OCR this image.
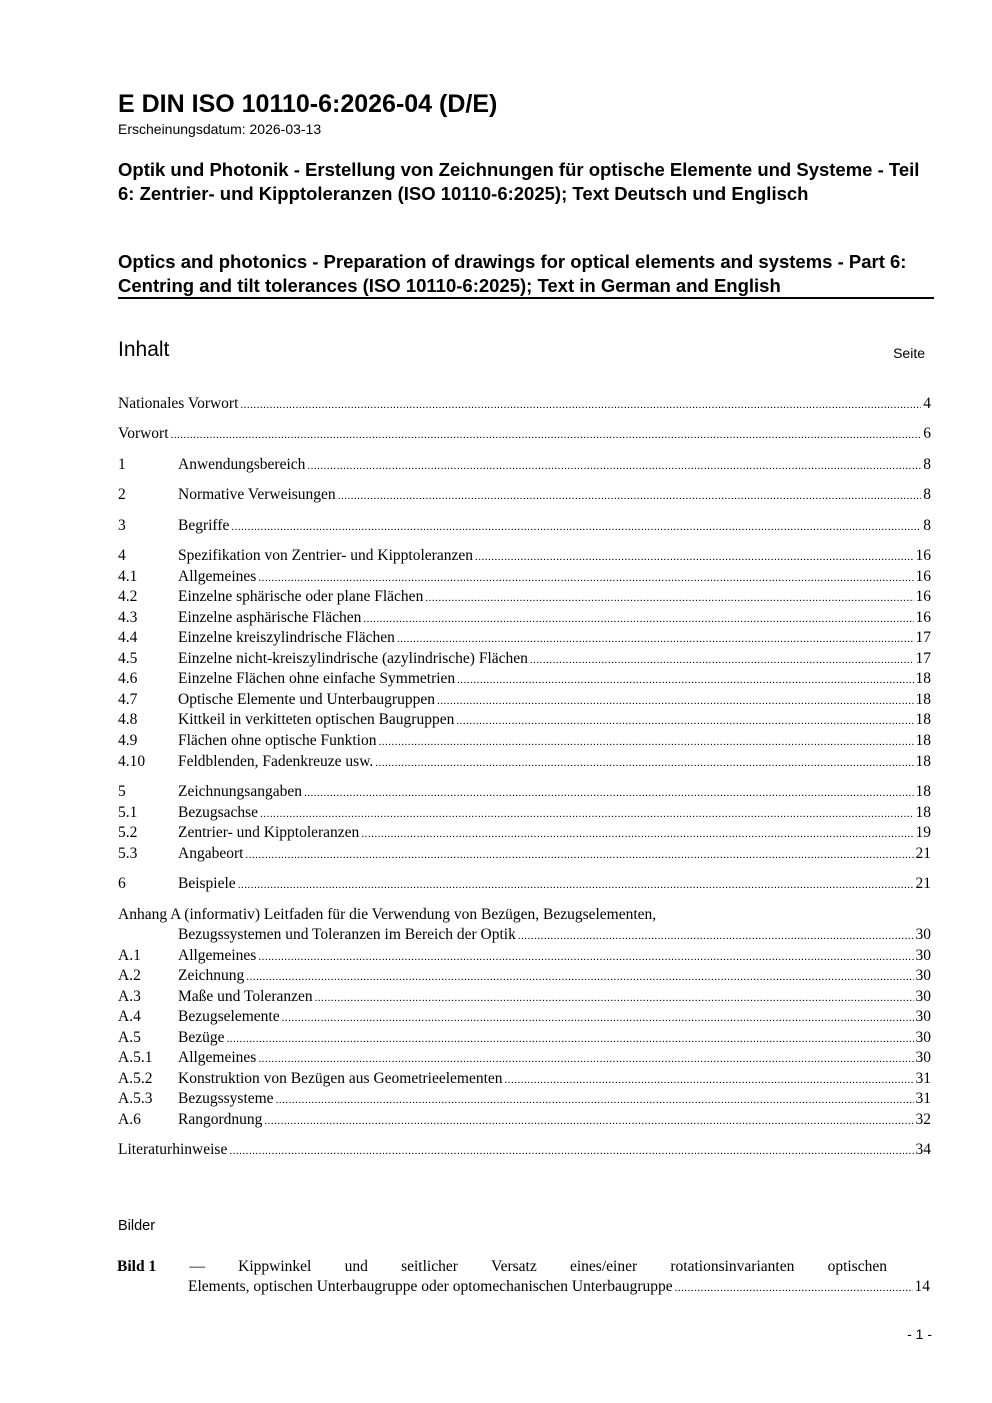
E DIN ISO 10110-6:2026-04 (D/E)
Erscheinungsdatum: 2026-03-13
Optik und Photonik - Erstellung von Zeichnungen für optische Elemente und Systeme - Teil 6: Zentrier- und Kipptoleranzen (ISO 10110-6:2025); Text Deutsch und Englisch
Optics and photonics - Preparation of drawings for optical elements and systems - Part 6: Centring and tilt tolerances (ISO 10110-6:2025); Text in German and English
Inhalt	Seite
Nationales Vorwort .....	4
Vorwort .....	6
1	Anwendungsbereich .....	8
2	Normative Verweisungen .....	8
3	Begriffe .....	8
4	Spezifikation von Zentrier- und Kipptoleranzen .....	16
4.1	Allgemeines .....	16
4.2	Einzelne sphärische oder plane Flächen .....	16
4.3	Einzelne asphärische Flächen .....	16
4.4	Einzelne kreiszylindrische Flächen .....	17
4.5	Einzelne nicht-kreiszylindrische (azylindrische) Flächen .....	17
4.6	Einzelne Flächen ohne einfache Symmetrien .....	18
4.7	Optische Elemente und Unterbaugruppen .....	18
4.8	Kittkeil in verkitteten optischen Baugruppen .....	18
4.9	Flächen ohne optische Funktion .....	18
4.10	Feldblenden, Fadenkreuze usw. .....	18
5	Zeichnungsangaben .....	18
5.1	Bezugsachse .....	18
5.2	Zentrier- und Kipptoleranzen .....	19
5.3	Angabeort .....	21
6	Beispiele .....	21
Anhang A (informativ) Leitfaden für die Verwendung von Bezügen, Bezugselementen,
Bezugssystemen und Toleranzen im Bereich der Optik .....	30
A.1	Allgemeines .....	30
A.2	Zeichnung .....	30
A.3	Maße und Toleranzen .....	30
A.4	Bezugselemente .....	30
A.5	Bezüge .....	30
A.5.1	Allgemeines .....	30
A.5.2	Konstruktion von Bezügen aus Geometrieelementen .....	31
A.5.3	Bezugssysteme .....	31
A.6	Rangordnung .....	32
Literaturhinweise .....	34
Bilder
Bild 1 — Kippwinkel und seitlicher Versatz eines/einer rotationsinvarianten optischen
Elements, optischen Unterbaugruppe oder optomechanischen Unterbaugruppe .....	14
- 1 -
